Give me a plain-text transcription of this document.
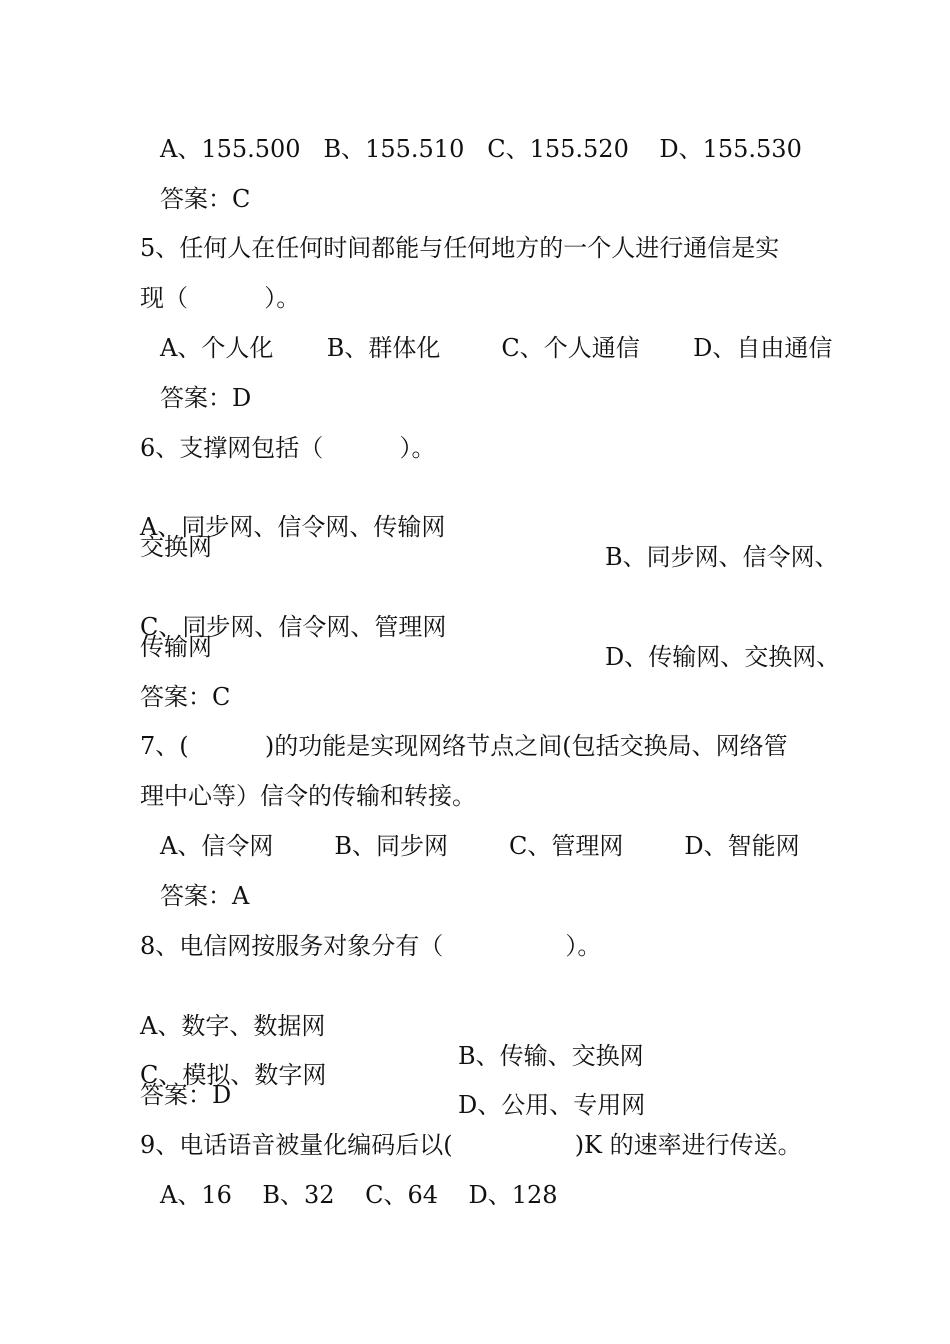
A、155.500   B、155.510   C、155.520    D、155.530
答案：C
5、任何人在任何时间都能与任何地方的一个人进行通信是实
现（          ）。
A、个人化       B、群体化        C、个人通信       D、自由通信
答案：D
6、支撑网包括（          ）。

A、同步网、信令网、传输网

B、同步网、信令网、

交换网

C、同步网、信令网、管理网

D、传输网、交换网、

传输网
答案：C
7、(          )的功能是实现网络节点之间(包括交换局、网络管
理中心等）信令的传输和转接。
A、信令网        B、同步网        C、管理网        D、智能网
答案：A
8、电信网按服务对象分有（                ）。

A、数字、数据网

B、传输、交换网

C、模拟、数字网

D、公用、专用网

答案：D
9、电话语音被量化编码后以(                )K 的速率进行传送。
A、16    B、32    C、64    D、128
